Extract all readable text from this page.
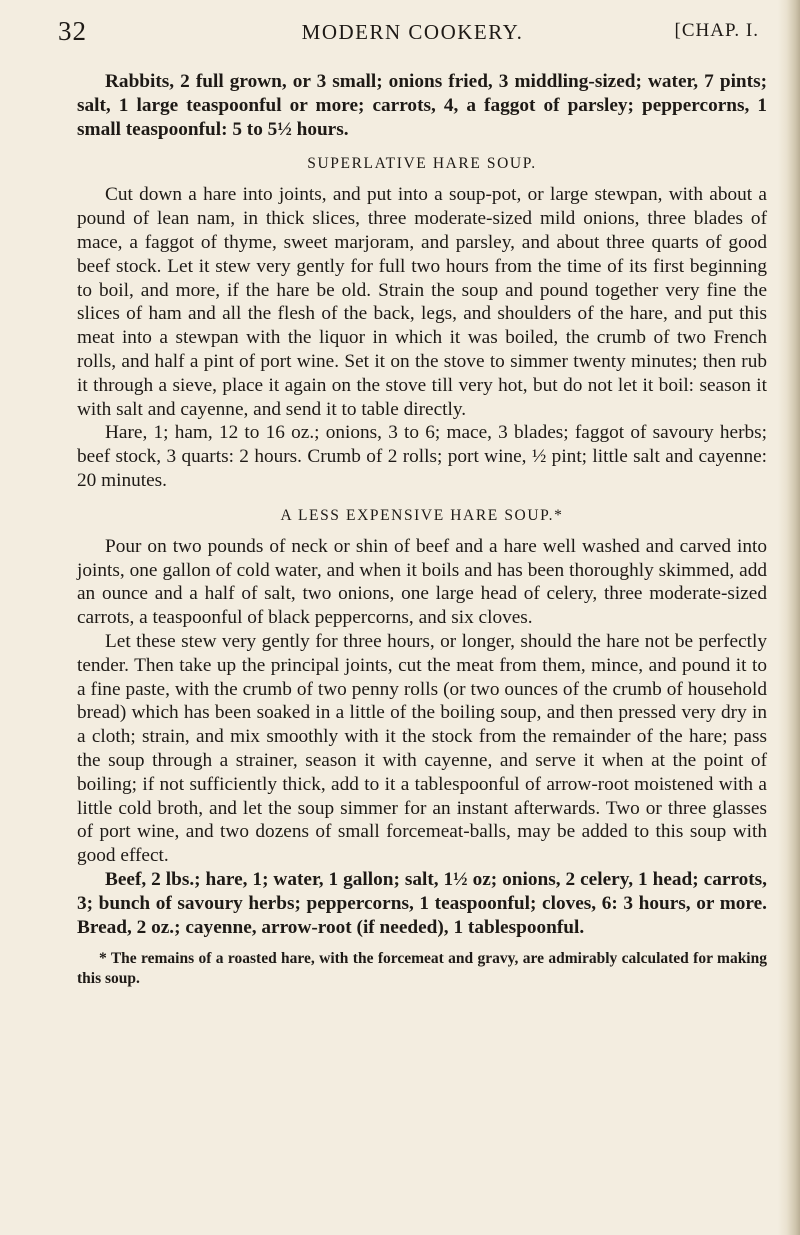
32	MODERN COOKERY.	[CHAP. I.

Rabbits, 2 full grown, or 3 small; onions fried, 3 middling-sized; water, 7 pints; salt, 1 large teaspoonful or more; carrots, 4, a faggot of parsley; peppercorns, 1 small teaspoonful: 5 to 5½ hours.

SUPERLATIVE HARE SOUP.

Cut down a hare into joints, and put into a soup-pot, or large stewpan, with about a pound of lean nam, in thick slices, three moderate-sized mild onions, three blades of mace, a faggot of thyme, sweet marjoram, and parsley, and about three quarts of good beef stock. Let it stew very gently for full two hours from the time of its first beginning to boil, and more, if the hare be old. Strain the soup and pound together very fine the slices of ham and all the flesh of the back, legs, and shoulders of the hare, and put this meat into a stewpan with the liquor in which it was boiled, the crumb of two French rolls, and half a pint of port wine. Set it on the stove to simmer twenty minutes; then rub it through a sieve, place it again on the stove till very hot, but do not let it boil: season it with salt and cayenne, and send it to table directly.

Hare, 1; ham, 12 to 16 oz.; onions, 3 to 6; mace, 3 blades; faggot of savoury herbs; beef stock, 3 quarts: 2 hours. Crumb of 2 rolls; port wine, ½ pint; little salt and cayenne: 20 minutes.

A LESS EXPENSIVE HARE SOUP.*

Pour on two pounds of neck or shin of beef and a hare well washed and carved into joints, one gallon of cold water, and when it boils and has been thoroughly skimmed, add an ounce and a half of salt, two onions, one large head of celery, three moderate-sized carrots, a teaspoonful of black peppercorns, and six cloves.

Let these stew very gently for three hours, or longer, should the hare not be perfectly tender. Then take up the principal joints, cut the meat from them, mince, and pound it to a fine paste, with the crumb of two penny rolls (or two ounces of the crumb of household bread) which has been soaked in a little of the boiling soup, and then pressed very dry in a cloth; strain, and mix smoothly with it the stock from the remainder of the hare; pass the soup through a strainer, season it with cayenne, and serve it when at the point of boiling; if not sufficiently thick, add to it a tablespoonful of arrow-root moistened with a little cold broth, and let the soup simmer for an instant afterwards. Two or three glasses of port wine, and two dozens of small forcemeat-balls, may be added to this soup with good effect.

Beef, 2 lbs.; hare, 1; water, 1 gallon; salt, 1½ oz; onions, 2 celery, 1 head; carrots, 3; bunch of savoury herbs; peppercorns, 1 teaspoonful; cloves, 6: 3 hours, or more. Bread, 2 oz.; cayenne, arrow-root (if needed), 1 tablespoonful.

* The remains of a roasted hare, with the forcemeat and gravy, are admirably calculated for making this soup.
